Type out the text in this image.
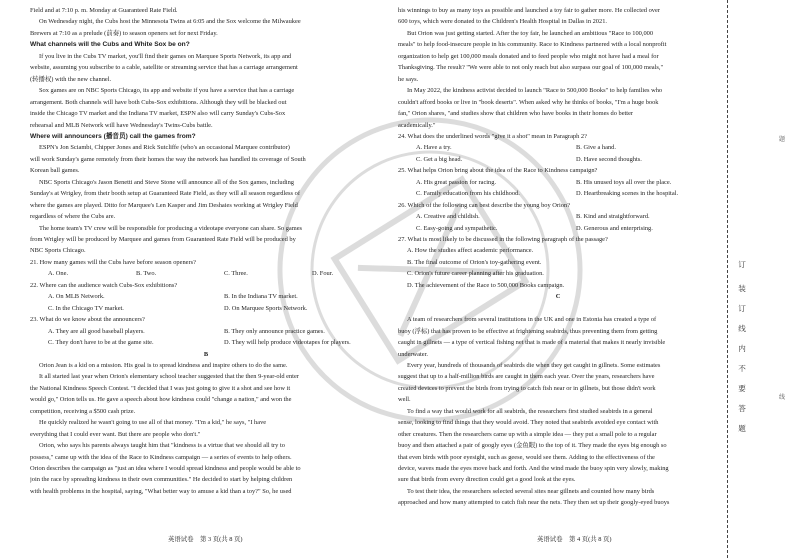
Field and at 7:10 p. m. Monday at Guaranteed Rate Field.
On Wednesday night, the Cubs host the Minnesota Twins at 6:05 and the Sox welcome the Milwaukee
Brewers at 7:10 as a prelude (前奏) to season openers set for next Friday.
What channels will the Cubs and White Sox be on?
If you live in the Cubs TV market, you'll find their games on Marquee Sports Network, its app and
website, assuming you subscribe to a cable, satellite or streaming service that has a carriage arrangement
(转播权) with the new channel.
Sox games are on NBC Sports Chicago, its app and website if you have a service that has a carriage
arrangement. Both channels will have both Cubs-Sox exhibitions. Although they will be blacked out
inside the Chicago TV market and the Indiana TV market, ESPN also will carry Sunday's Cubs-Sox
rehearsal and MLB Network will have Wednesday's Twins-Cubs battle.
Where will announcers (播音员) call the games from?
ESPN's Jon Sciambi, Chipper Jones and Rick Sutcliffe (who's an occasional Marquee contributor)
will work Sunday's game remotely from their homes the way the network has handled its coverage of South
Korean ball games.
NBC Sports Chicago's Jason Benetti and Steve Stone will announce all of the Sox games, including
Sunday's at Wrigley, from their booth setup at Guaranteed Rate Field, as they will all season regardless of
where the games are played. Ditto for Marquee's Len Kasper and Jim Deshaies working at Wrigley Field
regardless of where the Cubs are.
The home team's TV crew will be responsible for producing a videotape everyone can share. So games
from Wrigley will be produced by Marquee and games from Guaranteed Rate Field will be produced by
NBC Sports Chicago.
21. How many games will the Cubs have before season openers?
A. One.	B. Two.	C. Three.	D. Four.
22. Where can the audience watch Cubs-Sox exhibitions?
A. On MLB Network.	B. In the Indiana TV market.
C. In the Chicago TV market.	D. On Marquee Sports Network.
23. What do we know about the announcers?
A. They are all good baseball players.	B. They only announce practice games.
C. They don't have to be at the game site.	D. They will help produce videotapes for players.
B
Orion Jean is a kid on a mission. His goal is to spread kindness and inspire others to do the same.
It all started last year when Orion's elementary school teacher suggested that the then 9-year-old enter
the National Kindness Speech Contest. "I decided that I was just going to give it a shot and see how it
would go," Orion tells us. He gave a speech about how kindness could "change a nation," and won the
competition, receiving a $500 cash prize.
He quickly realized he wasn't going to use all of that money. "I'm a kid," he says, "I have
everything that I could ever want. But there are people who don't."
Orion, who says his parents always taught him that "kindness is a virtue that we should all try to
possess," came up with the idea of the Race to Kindness campaign — a series of events to help others.
Orion describes the campaign as "just an idea where I would spread kindness and people would be able to
join the race by spreading kindness in their own communities." He decided to start by helping children
with health problems in the hospital, saying, "What better way to amuse a kid than a toy?" So, he used
his winnings to buy as many toys as possible and launched a toy fair to gather more. He collected over
600 toys, which were donated to the Children's Health Hospital in Dallas in 2021.
But Orion was just getting started. After the toy fair, he launched an ambitious "Race to 100,000
meals" to help food-insecure people in his community. Race to Kindness partnered with a local nonprofit
organization to help get 100,000 meals donated and to feed people who might not have had a meal for
Thanksgiving. The result? "We were able to not only reach but also surpass our goal of 100,000 meals,"
he says.
In May 2022, the kindness activist decided to launch "Race to 500,000 Books" to help families who
couldn't afford books or live in "book deserts". When asked why he thinks of books, "I'm a huge book
fan," Orion shares, "and studies show that children who have books in their homes do better
academically."
24. What does the underlined words "give it a shot" mean in Paragraph 2?
A. Have a try.	B. Give a hand.
C. Get a big head.	D. Have second thoughts.
25. What helps Orion bring about the idea of the Race to Kindness campaign?
A. His great passion for racing.	B. His unused toys all over the place.
C. Family education from his childhood.	D. Heartbreaking scenes in the hospital.
26. Which of the following can best describe the young boy Orion?
A. Creative and childish.	B. Kind and straightforward.
C. Easy-going and sympathetic.	D. Generous and enterprising.
27. What is most likely to be discussed in the following paragraph of the passage?
A. How the studies affect academic performance.
B. The final outcome of Orion's toy-gathering event.
C. Orion's future career planning after his graduation.
D. The achievement of the Race to 500,000 Books campaign.
C
A team of researchers from several institutions in the UK and one in Estonia has created a type of
buoy (浮标) that has proven to be effective at frightening seabirds, thus preventing them from getting
caught in gillnets — a type of vertical fishing net that is made of a material that makes it nearly invisible
underwater.
Every year, hundreds of thousands of seabirds die when they get caught in gillnets. Some estimates
suggest that up to a half-million birds are caught in them each year. Over the years, researchers have
created devices to prevent the birds from trying to catch fish near or in gillnets, but those didn't work
well.
To find a way that would work for all seabirds, the researchers first studied seabirds in a general
sense, looking to find things that they would avoid. They noted that seabirds avoided eye contact with
other creatures. Then the researchers came up with a simple idea — they put a small pole to a regular
buoy and then attached a pair of googly eyes (金鱼眼) to the top of it. They made the eyes big enough so
that even birds with poor eyesight, such as geese, would see them. Adding to the effectiveness of the
device, waves made the eyes move back and forth. And the wind made the buoy spin very slowly, making
sure that birds from every direction could get a good look at the eyes.
To test their idea, the researchers selected several sites near gillnets and counted how many birds
approached and how many attempted to catch fish near the nets. They then set up their googly-eyed buoys
英语试卷　第 3 页(共 8 页)	英语试卷　第 4 页(共 8 页)
订
装
订
线
内
不
要
答
题
题
线
